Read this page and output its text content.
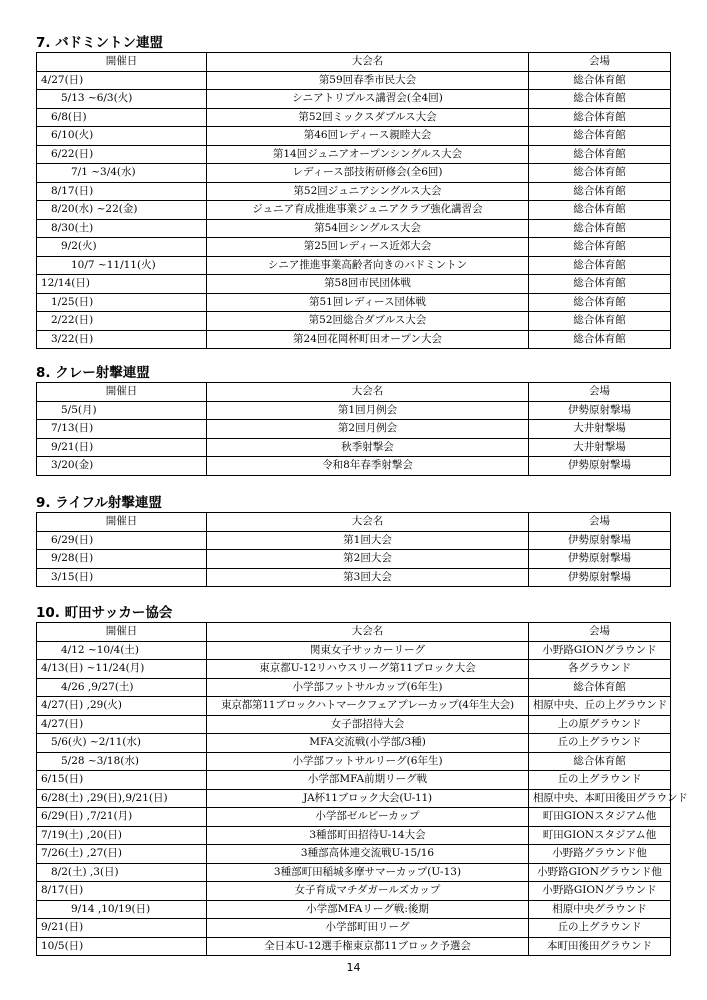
7. バドミントン連盟
開催日	大会名	会場
4/27(日)	第59回春季市民大会	総合体育館
5/13 ~6/3(火)	シニアトリプルス講習会(全4回)	総合体育館
6/8(日)	第52回ミックスダブルス大会	総合体育館
6/10(火)	第46回レディース親睦大会	総合体育館
6/22(日)	第14回ジュニアオープンシングルス大会	総合体育館
7/1 ~3/4(水)	レディース部技術研修会(全6回)	総合体育館
8/17(日)	第52回ジュニアシングルス大会	総合体育館
8/20(水) ~22(金)	ジュニア育成推進事業ジュニアクラブ強化講習会	総合体育館
8/30(土)	第54回シングルス大会	総合体育館
9/2(火)	第25回レディース近郊大会	総合体育館
10/7 ~11/11(火)	シニア推進事業高齢者向きのバドミントン	総合体育館
12/14(日)	第58回市民団体戦	総合体育館
1/25(日)	第51回レディース団体戦	総合体育館
2/22(日)	第52回総合ダブルス大会	総合体育館
3/22(日)	第24回花岡杯町田オープン大会	総合体育館
8. クレー射撃連盟
開催日	大会名	会場
5/5(月)	第1回月例会	伊勢原射撃場
7/13(日)	第2回月例会	大井射撃場
9/21(日)	秋季射撃会	大井射撃場
3/20(金)	令和8年春季射撃会	伊勢原射撃場
9. ライフル射撃連盟
開催日	大会名	会場
6/29(日)	第1回大会	伊勢原射撃場
9/28(日)	第2回大会	伊勢原射撃場
3/15(日)	第3回大会	伊勢原射撃場
10. 町田サッカー協会
開催日	大会名	会場
4/12 ~10/4(土)	関東女子サッカーリーグ	小野路GIONグラウンド
4/13(日) ~11/24(月)	東京都U-12リハウスリーグ第11ブロック大会	各グラウンド
4/26 ,9/27(土)	小学部フットサルカップ(6年生)	総合体育館
4/27(日) ,29(火)	東京都第11ブロックハトマークフェアプレーカップ(4年生大会)	相原中央、丘の上グラウンド
4/27(日)	女子部招待大会	上の原グラウンド
5/6(火) ~2/11(水)	MFA交流戦(小学部/3種)	丘の上グラウンド
5/28 ~3/18(水)	小学部フットサルリーグ(6年生)	総合体育館
6/15(日)	小学部MFA前期リーグ戦	丘の上グラウンド
6/28(土) ,29(日),9/21(日)	JA杯11ブロック大会(U-11)	相原中央、本町田後田グラウンド
6/29(日) ,7/21(月)	小学部ゼルビーカップ	町田GIONスタジアム他
7/19(土) ,20(日)	3種部町田招待U-14大会	町田GIONスタジアム他
7/26(土) ,27(日)	3種部高体連交流戦U-15/16	小野路グラウンド他
8/2(土) ,3(日)	3種部町田稲城多摩サマーカップ(U-13)	小野路GIONグラウンド他
8/17(日)	女子育成マチダガールズカップ	小野路GIONグラウンド
9/14 ,10/19(日)	小学部MFAリーグ戦:後期	相原中央グラウンド
9/21(日)	小学部町田リーグ	丘の上グラウンド
10/5(日)	全日本U-12選手権東京都11ブロック予選会	本町田後田グラウンド
14
